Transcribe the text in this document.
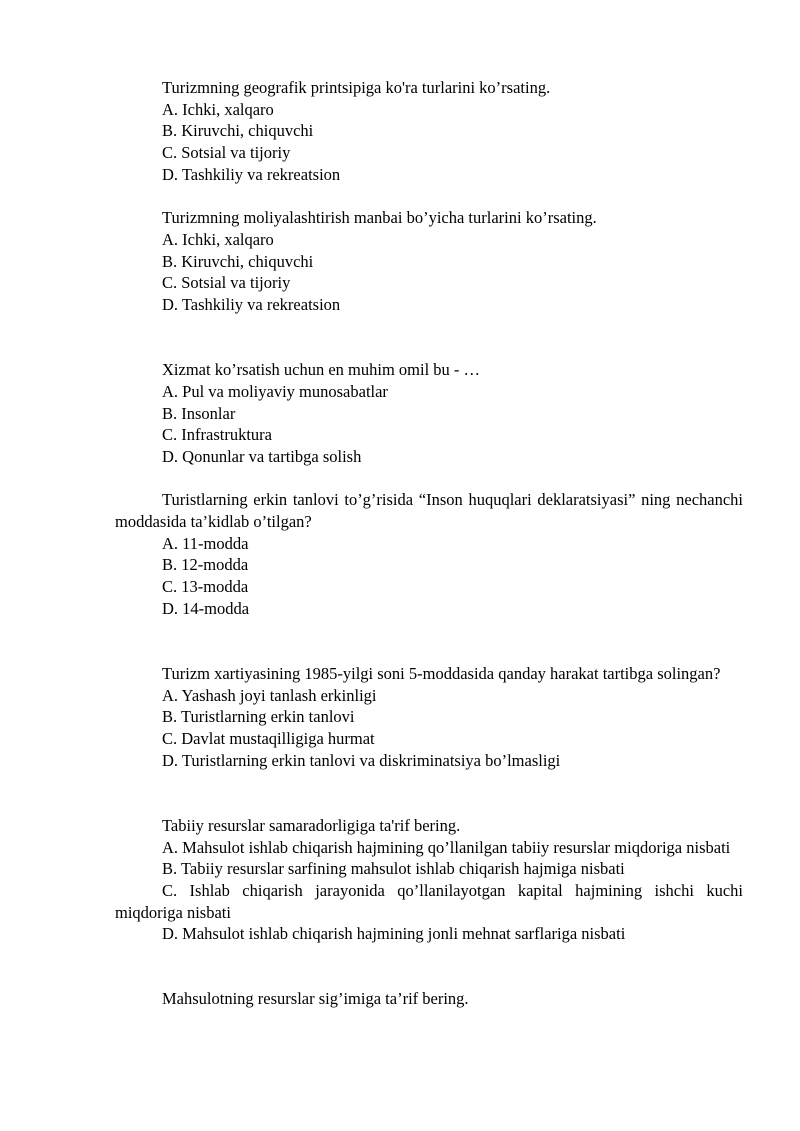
Turizmning geografik printsipiga ko'ra turlarini ko’rsating.
A. Ichki, xalqaro
B. Kiruvchi, chiquvchi
C. Sotsial va tijoriy
D. Tashkiliy va rekreatsion
Turizmning moliyalashtirish manbai bo’yicha turlarini ko’rsating.
A. Ichki, xalqaro
B. Kiruvchi, chiquvchi
C. Sotsial va tijoriy
D. Tashkiliy va rekreatsion
Xizmat ko’rsatish uchun en muhim omil bu - …
A. Pul va moliyaviy munosabatlar
B. Insonlar
C. Infrastruktura
D. Qonunlar va tartibga solish
Turistlarning erkin tanlovi to’g’risida “Inson huquqlari deklaratsiyasi” ning nechanchi moddasida ta’kidlab o’tilgan?
A. 11-modda
B. 12-modda
C. 13-modda
D. 14-modda
Turizm xartiyasining 1985-yilgi soni 5-moddasida qanday harakat tartibga solingan?
A. Yashash joyi tanlash erkinligi
B. Turistlarning erkin tanlovi
C. Davlat mustaqilligiga hurmat
D. Turistlarning erkin tanlovi va diskriminatsiya bo’lmasligi
Tabiiy resurslar samaradorligiga ta'rif bering.
A. Mahsulot ishlab chiqarish hajmining qo’llanilgan tabiiy resurslar miqdoriga nisbati
B. Tabiiy resurslar sarfining mahsulot ishlab chiqarish hajmiga nisbati
C. Ishlab chiqarish jarayonida qo’llanilayotgan kapital hajmining ishchi kuchi miqdoriga nisbati
D. Mahsulot ishlab chiqarish hajmining jonli mehnat sarflariga nisbati
Mahsulotning resurslar sig’imiga ta’rif bering.
